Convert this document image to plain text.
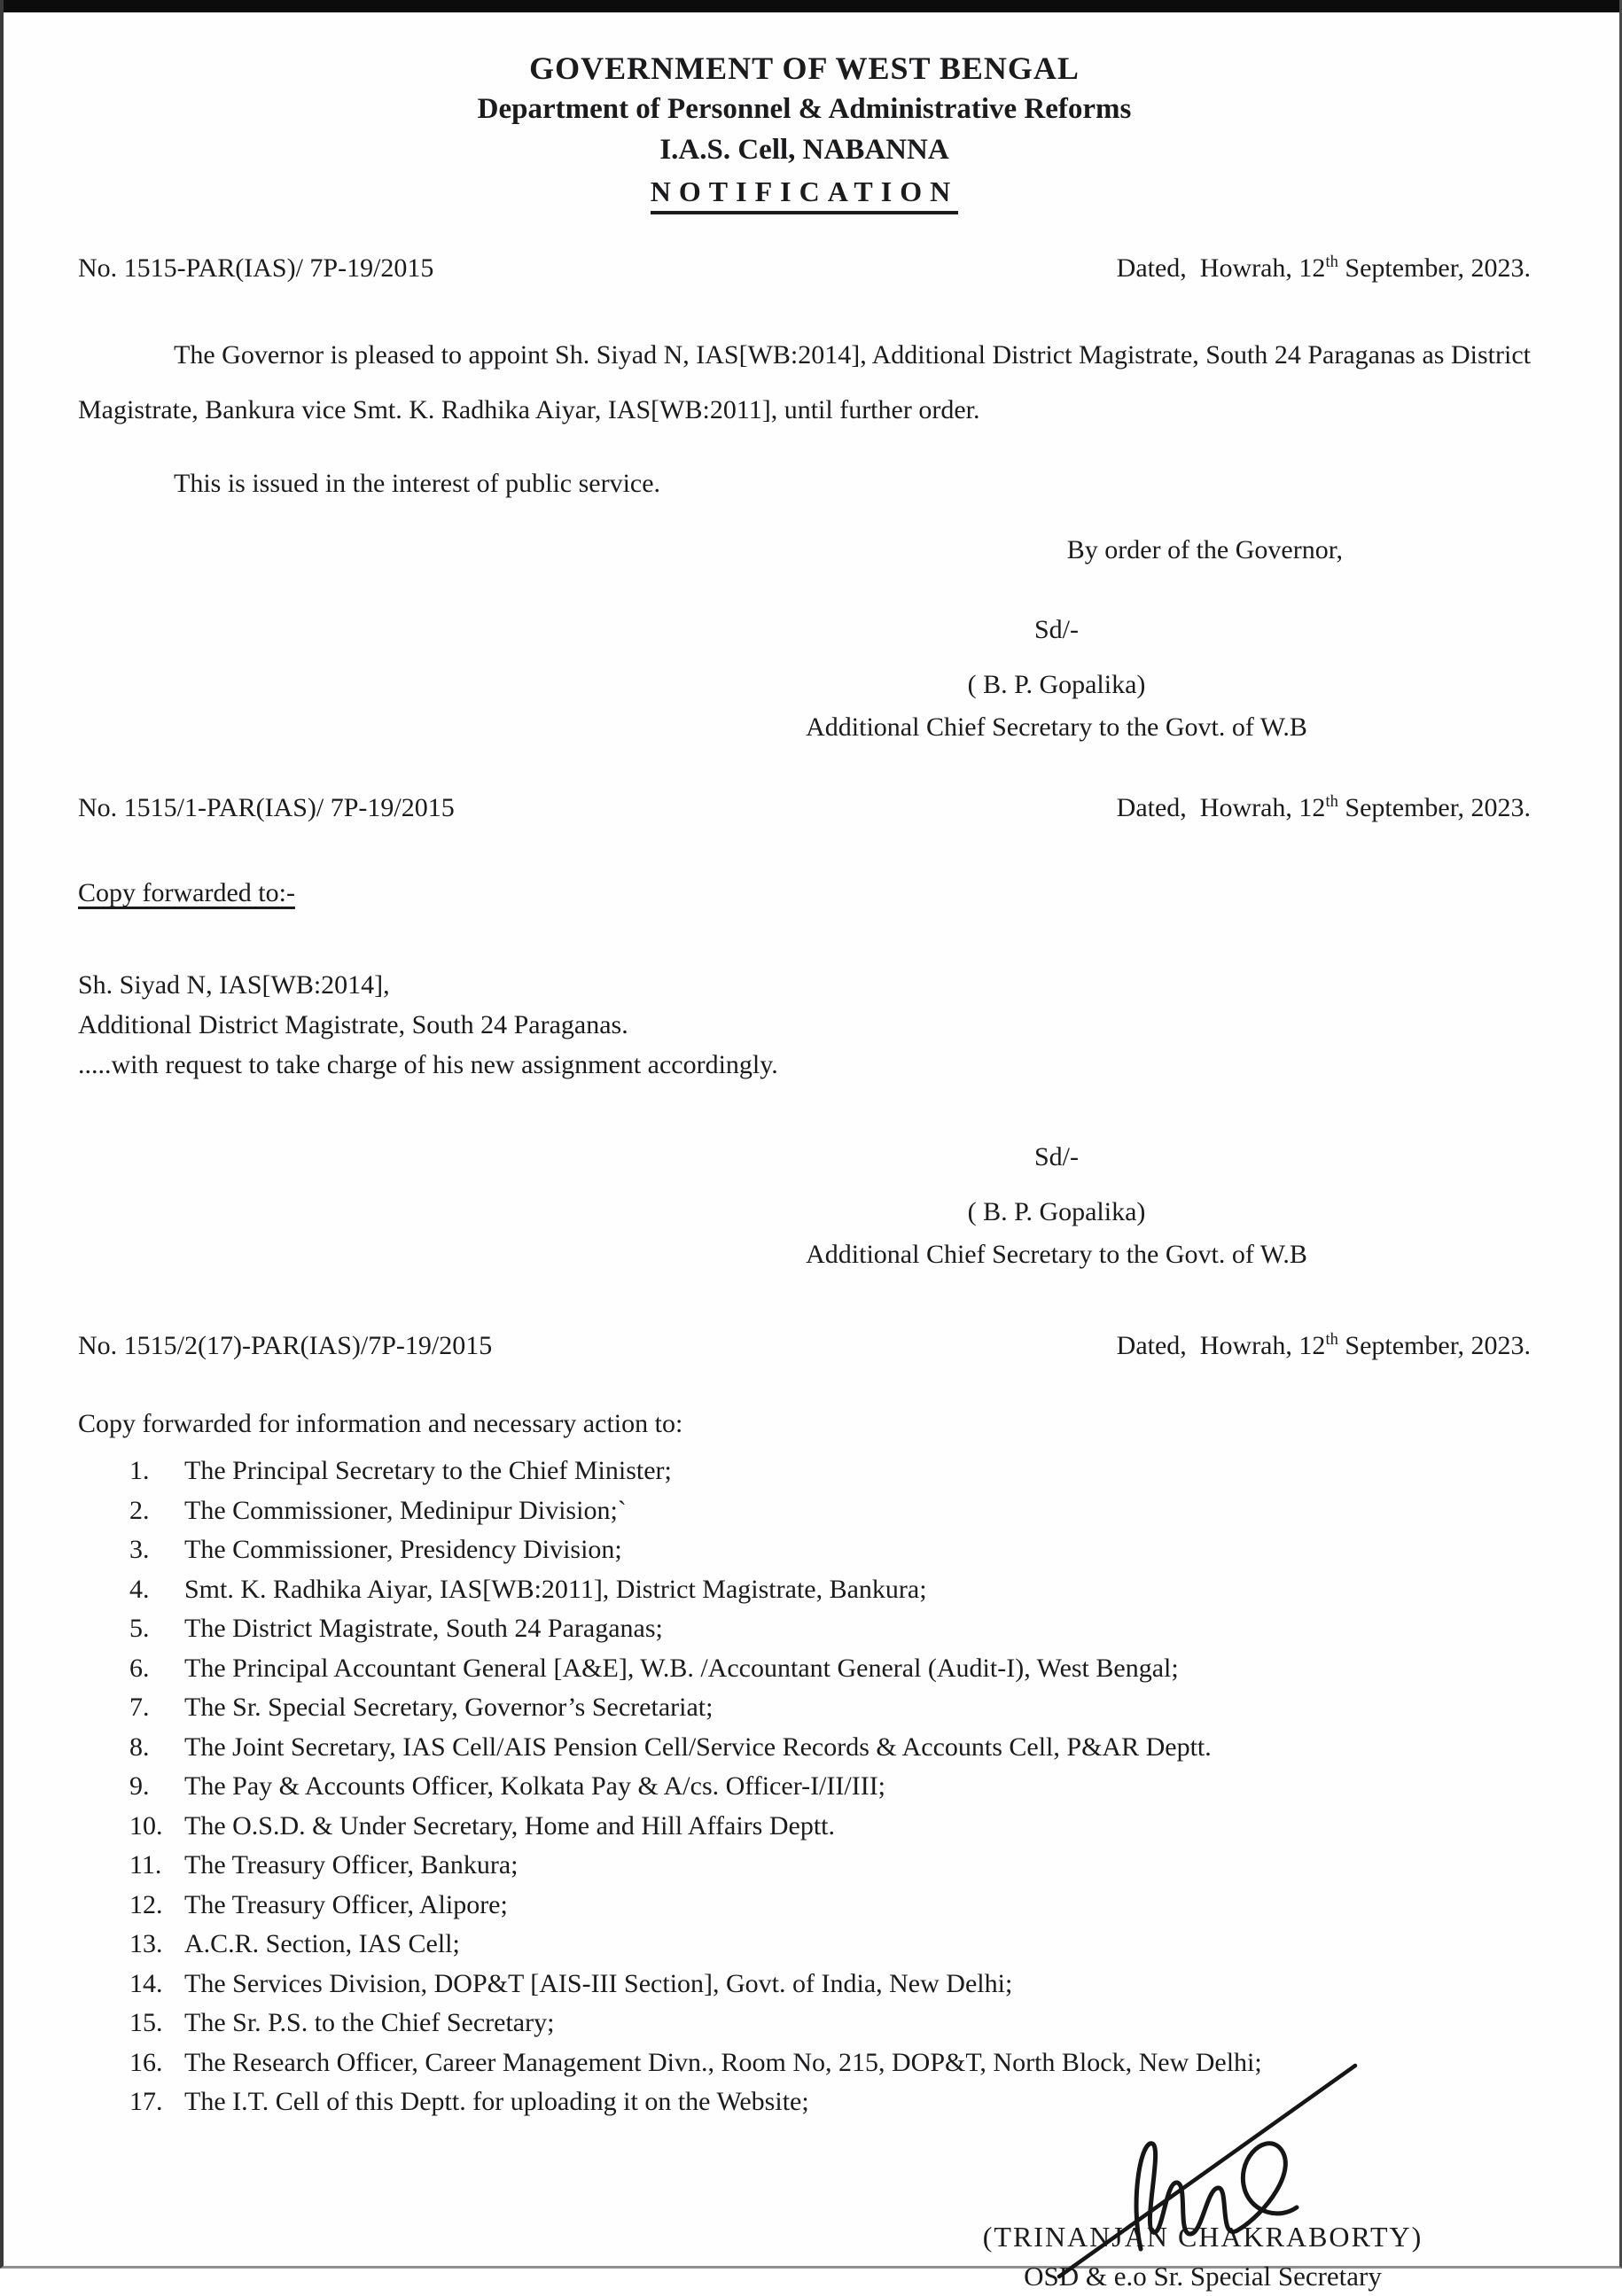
GOVERNMENT OF WEST BENGAL
Department of Personnel & Administrative Reforms
I.A.S. Cell, NABANNA
NOTIFICATION
No. 1515-PAR(IAS)/ 7P-19/2015	Dated,  Howrah, 12th September, 2023.

The Governor is pleased to appoint Sh. Siyad N, IAS[WB:2014], Additional District Magistrate, South 24 Paraganas as District Magistrate, Bankura vice Smt. K. Radhika Aiyar, IAS[WB:2011], until further order.

This is issued in the interest of public service.

By order of the Governor,
Sd/-
( B. P. Gopalika)
Additional Chief Secretary to the Govt. of W.B
No. 1515/1-PAR(IAS)/ 7P-19/2015	Dated,  Howrah, 12th September, 2023.
Copy forwarded to:-
Sh. Siyad N, IAS[WB:2014],
Additional District Magistrate, South 24 Paraganas.
.....with request to take charge of his new assignment accordingly.
Sd/-
( B. P. Gopalika)
Additional Chief Secretary to the Govt. of W.B
No. 1515/2(17)-PAR(IAS)/7P-19/2015	Dated,  Howrah, 12th September, 2023.
Copy forwarded for information and necessary action to:
1.	The Principal Secretary to the Chief Minister;
2.	The Commissioner, Medinipur Division;`
3.	The Commissioner, Presidency Division;
4.	Smt. K. Radhika Aiyar, IAS[WB:2011], District Magistrate, Bankura;
5.	The District Magistrate, South 24 Paraganas;
6.	The Principal Accountant General [A&E], W.B. /Accountant General (Audit-I), West Bengal;
7.	The Sr. Special Secretary, Governor’s Secretariat;
8.	The Joint Secretary, IAS Cell/AIS Pension Cell/Service Records & Accounts Cell, P&AR Deptt.
9.	The Pay & Accounts Officer, Kolkata Pay & A/cs. Officer-I/II/III;
10. The O.S.D. & Under Secretary, Home and Hill Affairs Deptt.
11. The Treasury Officer, Bankura;
12. The Treasury Officer, Alipore;
13. A.C.R. Section, IAS Cell;
14. The Services Division, DOP&T [AIS-III Section], Govt. of India, New Delhi;
15. The Sr. P.S. to the Chief Secretary;
16. The Research Officer, Career Management Divn., Room No, 215, DOP&T, North Block, New Delhi;
17. The I.T. Cell of this Deptt. for uploading it on the Website;
(TRINANJAN CHAKRABORTY)
OSD & e.o Sr. Special Secretary
